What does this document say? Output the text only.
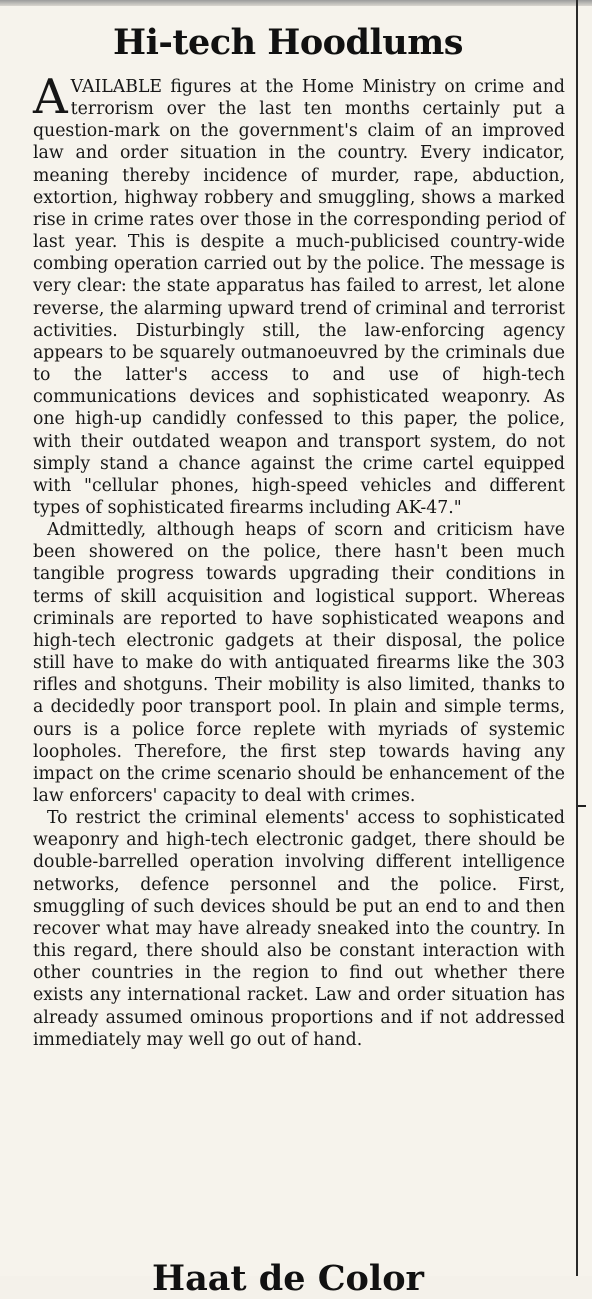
Hi-tech Hoodlums

AVAILABLE figures at the Home Ministry on crime and terrorism over the last ten months certainly put a question-mark on the government's claim of an improved law and order situation in the country. Every indicator, meaning thereby incidence of murder, rape, abduction, extortion, highway robbery and smuggling, shows a marked rise in crime rates over those in the corresponding period of last year. This is despite a much-publicised country-wide combing operation carried out by the police. The message is very clear: the state apparatus has failed to arrest, let alone reverse, the alarming upward trend of criminal and terrorist activities. Disturbingly still, the law-enforcing agency appears to be squarely outmanoeuvred by the criminals due to the latter's access to and use of high-tech communications devices and sophisticated weaponry. As one high-up candidly confessed to this paper, the police, with their outdated weapon and transport system, do not simply stand a chance against the crime cartel equipped with "cellular phones, high-speed vehicles and different types of sophisticated firearms including AK-47."

Admittedly, although heaps of scorn and criticism have been showered on the police, there hasn't been much tangible progress towards upgrading their conditions in terms of skill acquisition and logistical support. Whereas criminals are reported to have sophisticated weapons and high-tech electronic gadgets at their disposal, the police still have to make do with antiquated firearms like the 303 rifles and shotguns. Their mobility is also limited, thanks to a decidedly poor transport pool. In plain and simple terms, ours is a police force replete with myriads of systemic loopholes. Therefore, the first step towards having any impact on the crime scenario should be enhancement of the law enforcers' capacity to deal with crimes.

To restrict the criminal elements' access to sophisticated weaponry and high-tech electronic gadget, there should be double-barrelled operation involving different intelligence networks, defence personnel and the police. First, smuggling of such devices should be put an end to and then recover what may have already sneaked into the country. In this regard, there should also be constant interaction with other countries in the region to find out whether there exists any international racket. Law and order situation has already assumed ominous proportions and if not addressed immediately may well go out of hand.

Haat de Color
